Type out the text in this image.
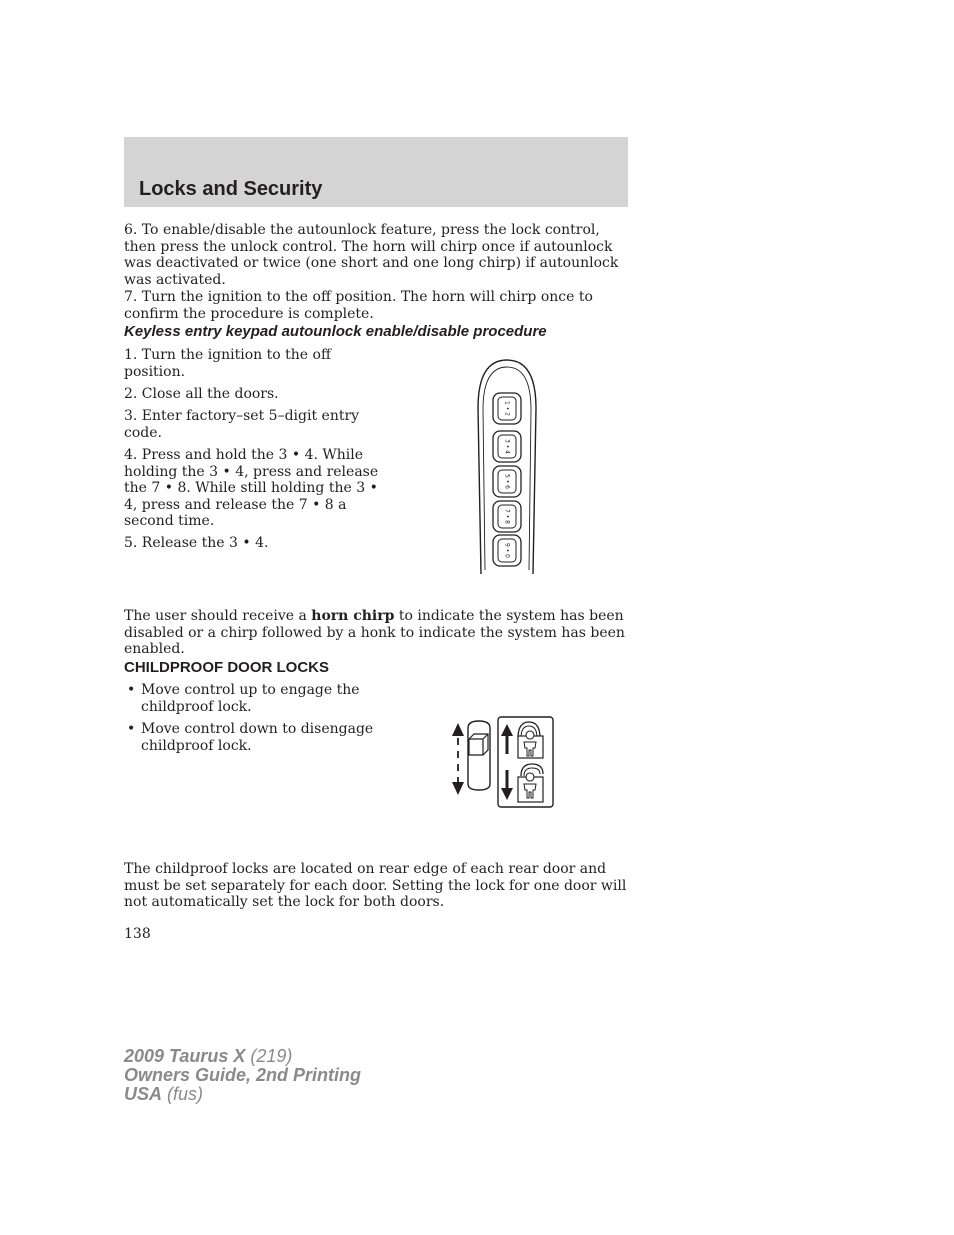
Locks and Security

6. To enable/disable the autounlock feature, press the lock control, then press the unlock control. The horn will chirp once if autounlock was deactivated or twice (one short and one long chirp) if autounlock was activated.

7. Turn the ignition to the off position. The horn will chirp once to confirm the procedure is complete.

Keyless entry keypad autounlock enable/disable procedure

1. Turn the ignition to the off position.

2. Close all the doors.

3. Enter factory–set 5–digit entry code.

4. Press and hold the 3 • 4. While holding the 3 • 4, press and release the 7 • 8. While still holding the 3 • 4, press and release the 7 • 8 a second time.

5. Release the 3 • 4.

1 • 2
3 • 4
5 • 6
7 • 8
9 • 0

The user should receive a horn chirp to indicate the system has been disabled or a chirp followed by a honk to indicate the system has been enabled.

CHILDPROOF DOOR LOCKS
• Move control up to engage the childproof lock.

• Move control down to disengage childproof lock.

The childproof locks are located on rear edge of each rear door and must be set separately for each door. Setting the lock for one door will not automatically set the lock for both doors.

138

2009 Taurus X (219)
Owners Guide, 2nd Printing
USA (fus)
